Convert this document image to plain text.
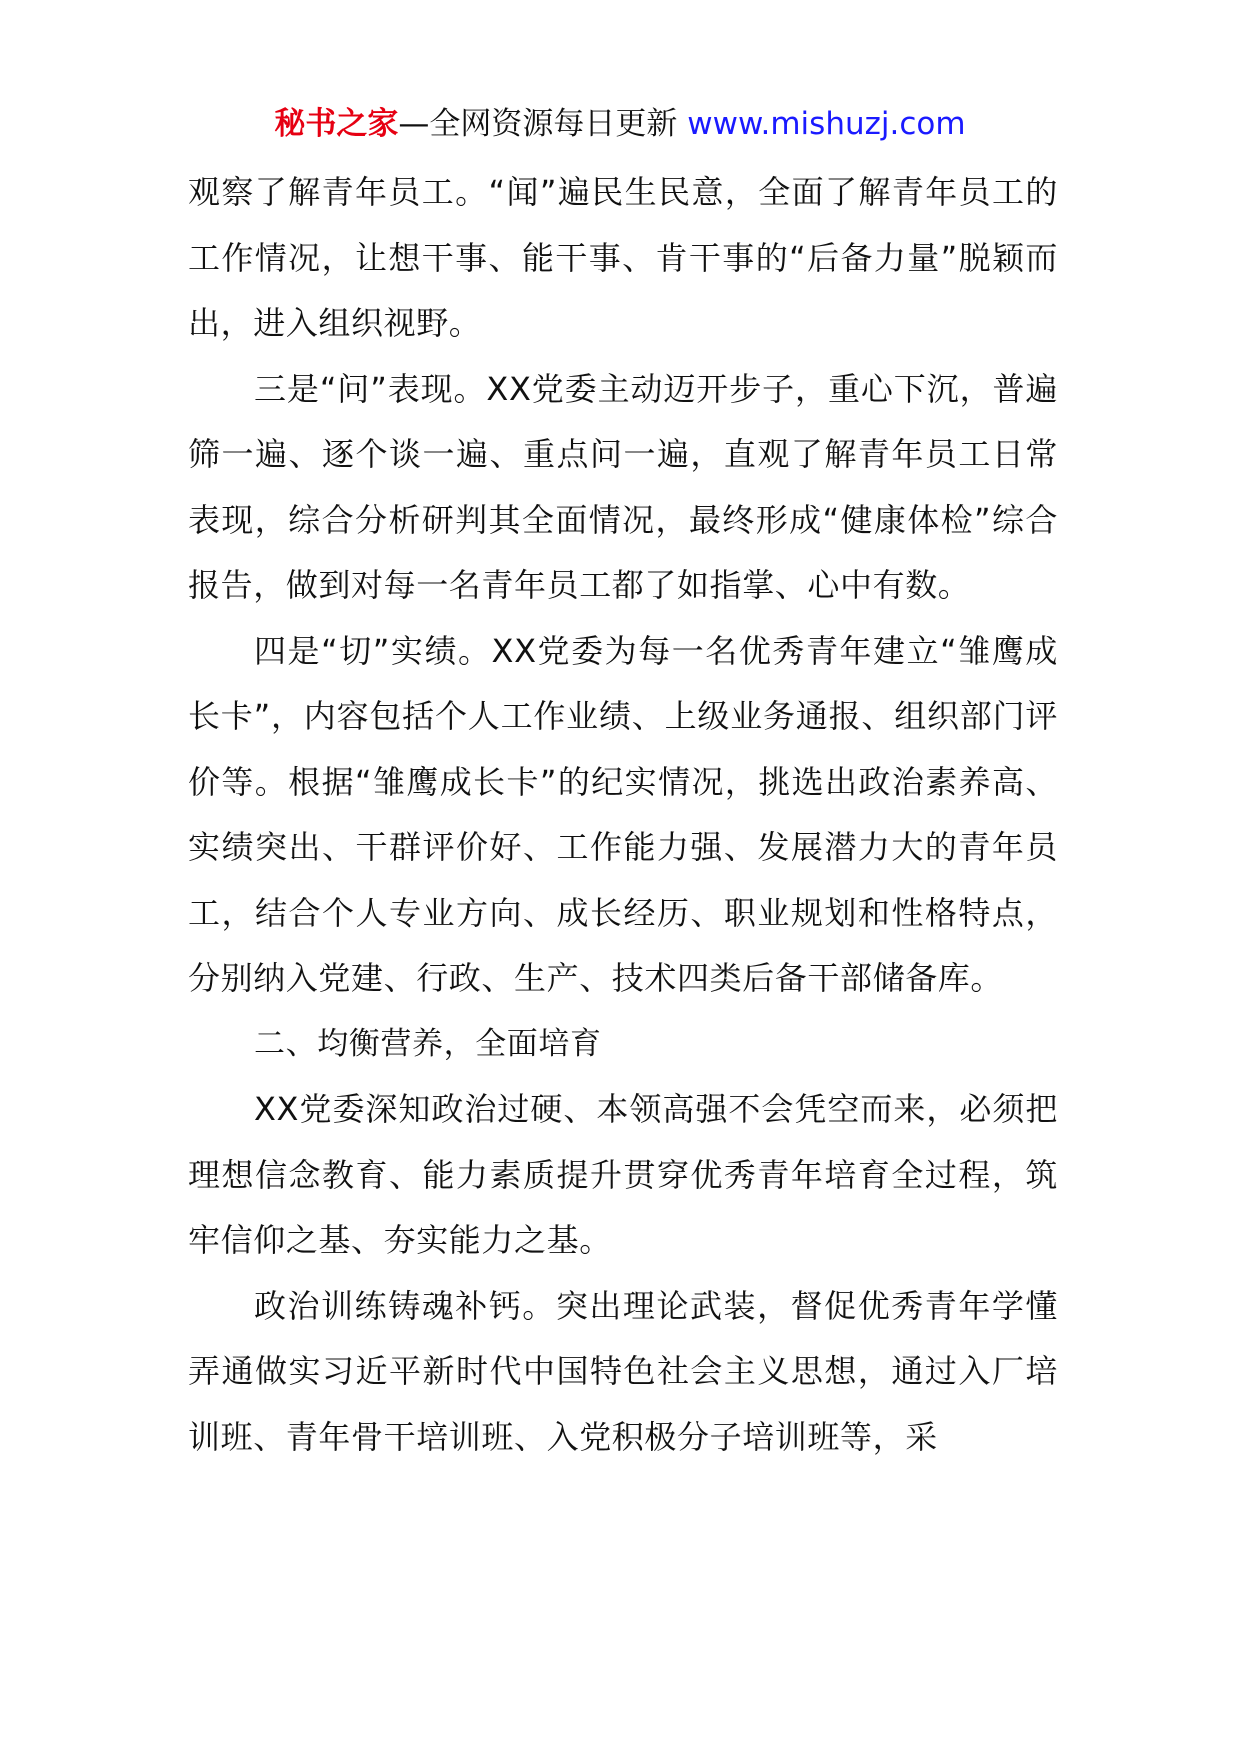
秘书之家—全网资源每日更新 www.mishuzj.com

观察了解青年员工。“闻”遍民生民意，全面了解青年员工的工作情况，让想干事、能干事、肯干事的“后备力量”脱颖而出，进入组织视野。

三是“问”表现。XX党委主动迈开步子，重心下沉，普遍筛一遍、逐个谈一遍、重点问一遍，直观了解青年员工日常表现，综合分析研判其全面情况，最终形成“健康体检”综合报告，做到对每一名青年员工都了如指掌、心中有数。

四是“切”实绩。XX党委为每一名优秀青年建立“雏鹰成长卡”，内容包括个人工作业绩、上级业务通报、组织部门评价等。根据“雏鹰成长卡”的纪实情况，挑选出政治素养高、实绩突出、干群评价好、工作能力强、发展潜力大的青年员工，结合个人专业方向、成长经历、职业规划和性格特点，分别纳入党建、行政、生产、技术四类后备干部储备库。

二、均衡营养，全面培育

XX党委深知政治过硬、本领高强不会凭空而来，必须把理想信念教育、能力素质提升贯穿优秀青年培育全过程，筑牢信仰之基、夯实能力之基。

政治训练铸魂补钙。突出理论武装，督促优秀青年学懂弄通做实习近平新时代中国特色社会主义思想，通过入厂培训班、青年骨干培训班、入党积极分子培训班等，采
